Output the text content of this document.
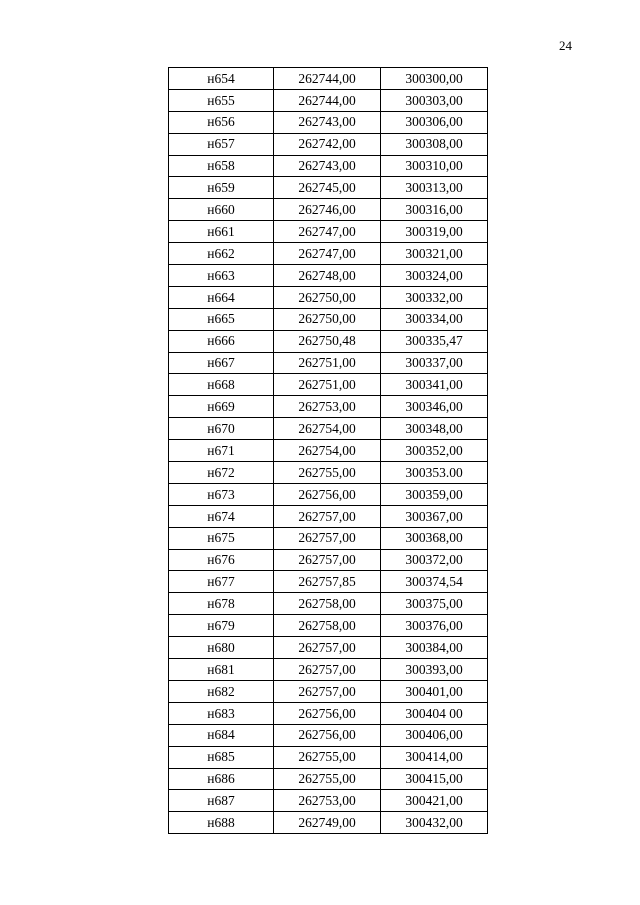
24
н654	262744,00	300300,00
н655	262744,00	300303,00
н656	262743,00	300306,00
н657	262742,00	300308,00
н658	262743,00	300310,00
н659	262745,00	300313,00
н660	262746,00	300316,00
н661	262747,00	300319,00
н662	262747,00	300321,00
н663	262748,00	300324,00
н664	262750,00	300332,00
н665	262750,00	300334,00
н666	262750,48	300335,47
н667	262751,00	300337,00
н668	262751,00	300341,00
н669	262753,00	300346,00
н670	262754,00	300348,00
н671	262754,00	300352,00
н672	262755,00	300353.00
н673	262756,00	300359,00
н674	262757,00	300367,00
н675	262757,00	300368,00
н676	262757,00	300372,00
н677	262757,85	300374,54
н678	262758,00	300375,00
н679	262758,00	300376,00
н680	262757,00	300384,00
н681	262757,00	300393,00
н682	262757,00	300401,00
н683	262756,00	300404 00
н684	262756,00	300406,00
н685	262755,00	300414,00
н686	262755,00	300415,00
н687	262753,00	300421,00
н688	262749,00	300432,00
